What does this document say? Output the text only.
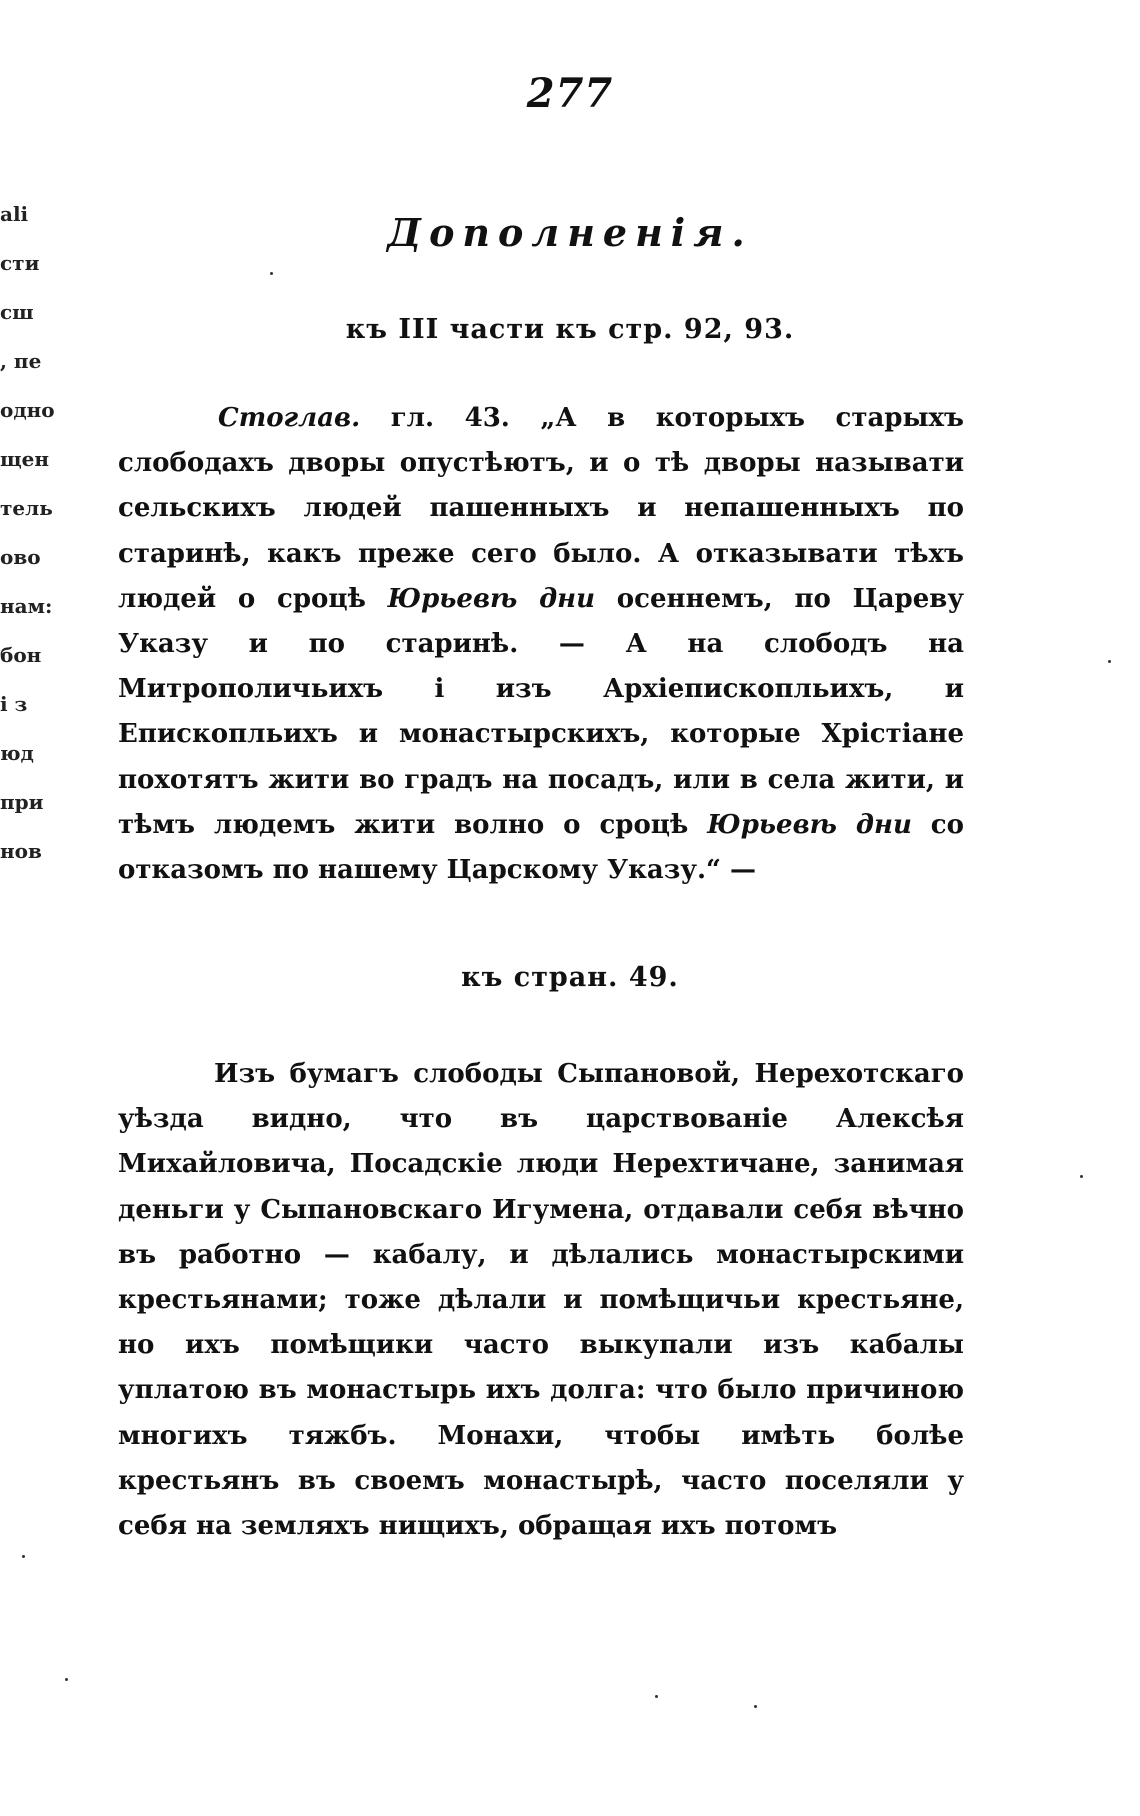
ali
сти
сш
, пе
одно
щен
тель
ово
нам:
бон
і з
юд
при
нов
277
Дополненія.
къ III части къ стр. 92, 93.

Стоглав. гл. 43. „А в которыхъ старыхъ слободахъ дворы опустѣютъ, и о тѣ дворы называти сельскихъ людей пашенныхъ и непашенныхъ по старинѣ, какъ преже сего было. А отказывати тѣхъ людей о сроцѣ Юрьевѣ дни осеннемъ, по Цареву Указу и по старинѣ. — А на слободъ на Митрополичьихъ і изъ Архіепископльихъ, и Епископльихъ и монастырскихъ, которые Хрістіане похотятъ жити во градъ на посадъ, или в села жити, и тѣмъ людемъ жити волно о сроцѣ Юрьевѣ дни со отказомъ по нашему Царскому Указу.“ —

къ стран. 49.

Изъ бумагъ слободы Сыпановой, Нерехотскаго уѣзда видно, что въ царствованіе Алексѣя Михайловича, Посадскіе люди Нерехтичане, занимая деньги у Сыпановскаго Игумена, отдавали себя вѣчно въ работно — кабалу, и дѣлались монастырскими крестьянами; тоже дѣлали и помѣщичьи крестьяне, но ихъ помѣщики часто выкупали изъ кабалы уплатою въ монастырь ихъ долга: что было причиною многихъ тяжбъ. Монахи, чтобы имѣть болѣе крестьянъ въ своемъ монастырѣ, часто поселяли у себя на земляхъ нищихъ, обращая ихъ потомъ
